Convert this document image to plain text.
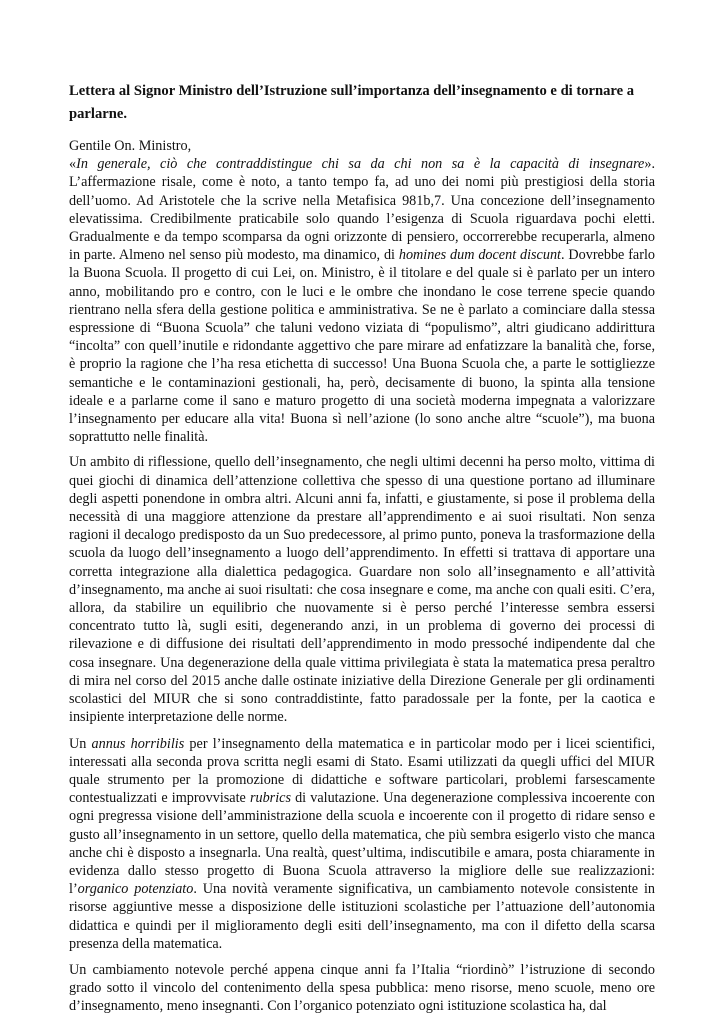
Lettera al Signor Ministro dell’Istruzione sull’importanza dell’insegnamento e di tornare a parlarne.

Gentile On. Ministro,

«In generale, ciò che contraddistingue chi sa da chi non sa è la capacità di insegnare». L’affermazione risale, come è noto, a tanto tempo fa, ad uno dei nomi più prestigiosi della storia dell’uomo. Ad Aristotele che la scrive nella Metafisica 981b,7. Una concezione dell’insegnamento elevatissima. Credibilmente praticabile solo quando l’esigenza di Scuola riguardava pochi eletti. Gradualmente e da tempo scomparsa da ogni orizzonte di pensiero, occorrerebbe recuperarla, almeno in parte. Almeno nel senso più modesto, ma dinamico, di homines dum docent discunt. Dovrebbe farlo la Buona Scuola. Il progetto di cui Lei, on. Ministro, è il titolare e del quale si è parlato per un intero anno, mobilitando pro e contro, con le luci e le ombre che inondano le cose terrene specie quando rientrano nella sfera della gestione politica e amministrativa. Se ne è parlato a cominciare dalla stessa espressione di “Buona Scuola” che taluni vedono viziata di “populismo”, altri giudicano addirittura “incolta” con quell’inutile e ridondante aggettivo che pare mirare ad enfatizzare la banalità che, forse, è proprio la ragione che l’ha resa etichetta di successo! Una Buona Scuola che, a parte le sottigliezze semantiche e le contaminazioni gestionali, ha, però, decisamente di buono, la spinta alla tensione ideale e a parlarne come il sano e maturo progetto di una società moderna impegnata a valorizzare l’insegnamento per educare alla vita! Buona sì nell’azione (lo sono anche altre “scuole”), ma buona soprattutto nelle finalità.

Un ambito di riflessione, quello dell’insegnamento, che negli ultimi decenni ha perso molto, vittima di quei giochi di dinamica dell’attenzione collettiva che spesso di una questione portano ad illuminare degli aspetti ponendone in ombra altri. Alcuni anni fa, infatti, e giustamente, si pose il problema della necessità di una maggiore attenzione da prestare all’apprendimento e ai suoi risultati. Non senza ragioni il decalogo predisposto da un Suo predecessore, al primo punto, poneva la trasformazione della scuola da luogo dell’insegnamento a luogo dell’apprendimento. In effetti si trattava di apportare una corretta integrazione alla dialettica pedagogica. Guardare non solo all’insegnamento e all’attività d’insegnamento, ma anche ai suoi risultati: che cosa insegnare e come, ma anche con quali esiti. C’era, allora, da stabilire un equilibrio che nuovamente si è perso perché l’interesse sembra essersi concentrato tutto là, sugli esiti, degenerando anzi, in un problema di governo dei processi di rilevazione e di diffusione dei risultati dell’apprendimento in modo pressoché indipendente dal che cosa insegnare. Una degenerazione della quale vittima privilegiata è stata la matematica presa peraltro di mira nel corso del 2015 anche dalle ostinate iniziative della Direzione Generale per gli ordinamenti scolastici del MIUR che si sono contraddistinte, fatto paradossale per la fonte, per la caotica e insipiente interpretazione delle norme.

Un annus horribilis per l’insegnamento della matematica e in particolar modo per i licei scientifici, interessati alla seconda prova scritta negli esami di Stato. Esami utilizzati da quegli uffici del MIUR quale strumento per la promozione di didattiche e software particolari, problemi farsescamente contestualizzati e improvvisate rubrics di valutazione. Una degenerazione complessiva incoerente con ogni pregressa visione dell’amministrazione della scuola e incoerente con il progetto di ridare senso e gusto all’insegnamento in un settore, quello della matematica, che più sembra esigerlo visto che manca anche chi è disposto a insegnarla. Una realtà, quest’ultima, indiscutibile e amara, posta chiaramente in evidenza dallo stesso progetto di Buona Scuola attraverso la migliore delle sue realizzazioni: l’organico potenziato. Una novità veramente significativa, un cambiamento notevole consistente in risorse aggiuntive messe a disposizione delle istituzioni scolastiche per l’attuazione dell’autonomia didattica e quindi per il miglioramento degli esiti dell’insegnamento, ma con il difetto della scarsa presenza della matematica.

Un cambiamento notevole perché appena cinque anni fa l’Italia “riordinò” l’istruzione di secondo grado sotto il vincolo del contenimento della spesa pubblica: meno risorse, meno scuole, meno ore d’insegnamento, meno insegnanti. Con l’organico potenziato ogni istituzione scolastica ha, dal
